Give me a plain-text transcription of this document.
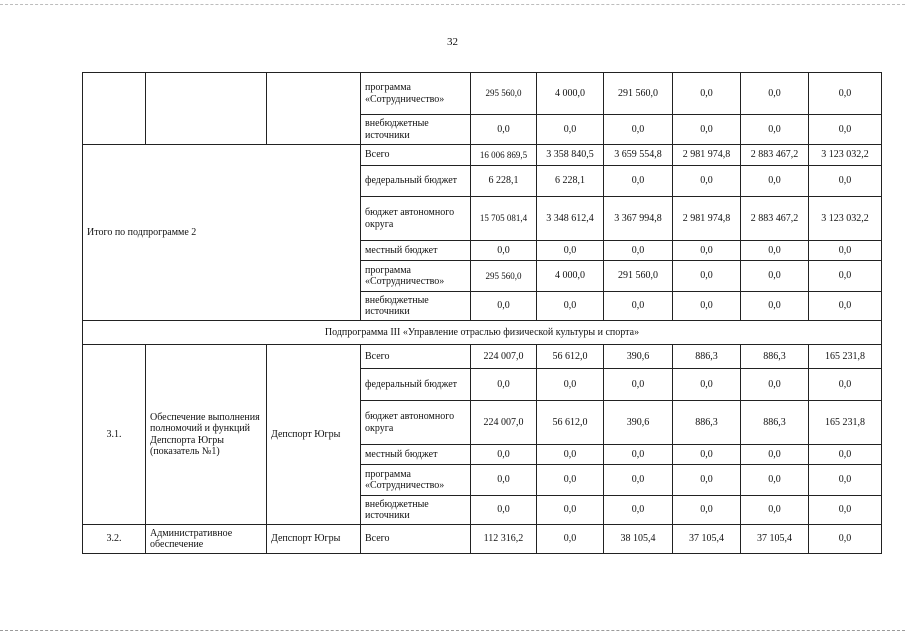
32
			программа «Сотрудничество»	295 560,0	4 000,0	291 560,0	0,0	0,0	0,0
			внебюджетные источники	0,0	0,0	0,0	0,0	0,0	0,0
Итого по подпрограмме 2			Всего	16 006 869,5	3 358 840,5	3 659 554,8	2 981 974,8	2 883 467,2	3 123 032,2
			федеральный бюджет	6 228,1	6 228,1	0,0	0,0	0,0	0,0
			бюджет автономного округа	15 705 081,4	3 348 612,4	3 367 994,8	2 981 974,8	2 883 467,2	3 123 032,2
			местный бюджет	0,0	0,0	0,0	0,0	0,0	0,0
			программа «Сотрудничество»	295 560,0	4 000,0	291 560,0	0,0	0,0	0,0
			внебюджетные источники	0,0	0,0	0,0	0,0	0,0	0,0
Подпрограмма III «Управление отраслью физической культуры и спорта»									
3.1.	Обеспечение выполнения полномочий и функций Депспорта Югры (показатель №1)	Депспорт Югры	Всего	224 007,0	56 612,0	390,6	886,3	886,3	165 231,8
			федеральный бюджет	0,0	0,0	0,0	0,0	0,0	0,0
			бюджет автономного округа	224 007,0	56 612,0	390,6	886,3	886,3	165 231,8
			местный бюджет	0,0	0,0	0,0	0,0	0,0	0,0
			программа «Сотрудничество»	0,0	0,0	0,0	0,0	0,0	0,0
			внебюджетные источники	0,0	0,0	0,0	0,0	0,0	0,0
3.2.	Административное обеспечение	Депспорт Югры	Всего	112 316,2	0,0	38 105,4	37 105,4	37 105,4	0,0
